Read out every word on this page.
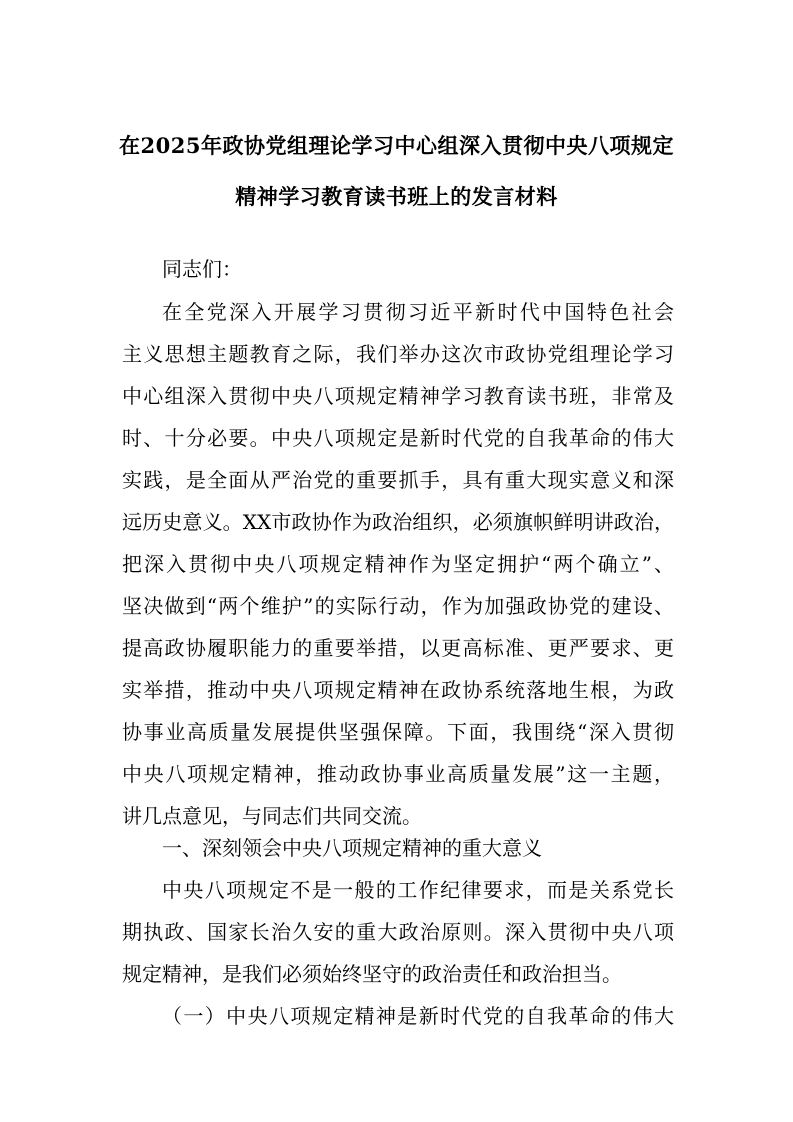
在2025年政协党组理论学习中心组深入贯彻中央八项规定
精神学习教育读书班上的发言材料
同志们：
在全党深入开展学习贯彻习近平新时代中国特色社会
主义思想主题教育之际，我们举办这次市政协党组理论学习
中心组深入贯彻中央八项规定精神学习教育读书班，非常及
时、十分必要。中央八项规定是新时代党的自我革命的伟大
实践，是全面从严治党的重要抓手，具有重大现实意义和深
远历史意义。XX市政协作为政治组织，必须旗帜鲜明讲政治，
把深入贯彻中央八项规定精神作为坚定拥护“两个确立”、
坚决做到“两个维护”的实际行动，作为加强政协党的建设、
提高政协履职能力的重要举措，以更高标准、更严要求、更
实举措，推动中央八项规定精神在政协系统落地生根，为政
协事业高质量发展提供坚强保障。下面，我围绕“深入贯彻
中央八项规定精神，推动政协事业高质量发展”这一主题，
讲几点意见，与同志们共同交流。
一、深刻领会中央八项规定精神的重大意义
中央八项规定不是一般的工作纪律要求，而是关系党长
期执政、国家长治久安的重大政治原则。深入贯彻中央八项
规定精神，是我们必须始终坚守的政治责任和政治担当。
（一）中央八项规定精神是新时代党的自我革命的伟大
